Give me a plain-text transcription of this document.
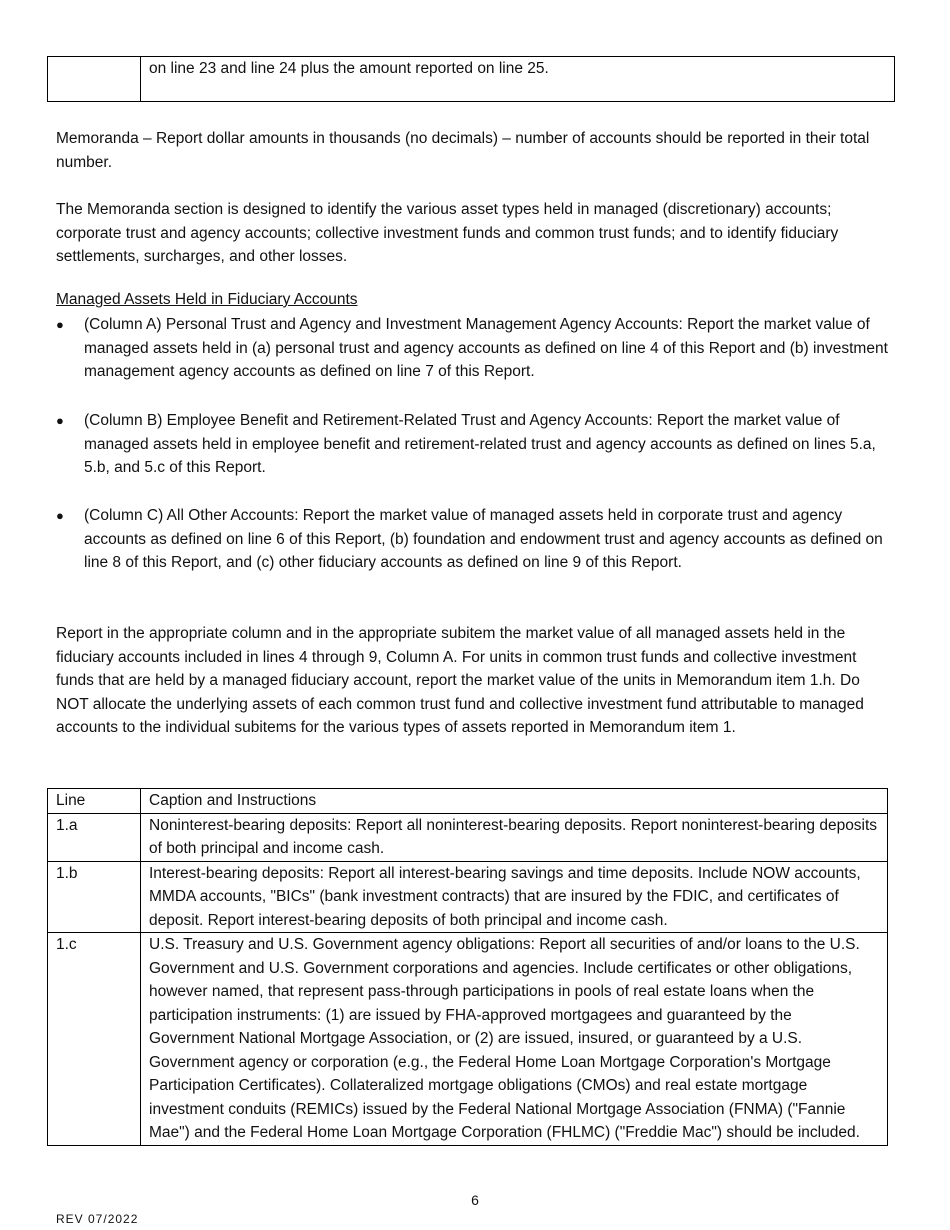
	on line 23 and line 24 plus the amount reported on line 25.

Memoranda – Report dollar amounts in thousands (no decimals) – number of accounts should be reported in their total number.

The Memoranda section is designed to identify the various asset types held in managed (discretionary) accounts; corporate trust and agency accounts; collective investment funds and common trust funds; and to identify fiduciary settlements, surcharges, and other losses.

Managed Assets Held in Fiduciary Accounts

●	(Column A) Personal Trust and Agency and Investment Management Agency Accounts: Report the market value of managed assets held in (a) personal trust and agency accounts as defined on line 4 of this Report and (b) investment management agency accounts as defined on line 7 of this Report.
●	(Column B) Employee Benefit and Retirement-Related Trust and Agency Accounts: Report the market value of managed assets held in employee benefit and retirement-related trust and agency accounts as defined on lines 5.a, 5.b, and 5.c of this Report.
●	(Column C) All Other Accounts: Report the market value of managed assets held in corporate trust and agency accounts as defined on line 6 of this Report, (b) foundation and endowment trust and agency accounts as defined on line 8 of this Report, and (c) other fiduciary accounts as defined on line 9 of this Report.

Report in the appropriate column and in the appropriate subitem the market value of all managed assets held in the fiduciary accounts included in lines 4 through 9, Column A. For units in common trust funds and collective investment funds that are held by a managed fiduciary account, report the market value of the units in Memorandum item 1.h. Do NOT allocate the underlying assets of each common trust fund and collective investment fund attributable to managed accounts to the individual subitems for the various types of assets reported in Memorandum item 1.

Line	Caption and Instructions
1.a	Noninterest-bearing deposits: Report all noninterest-bearing deposits. Report noninterest-bearing deposits of both principal and income cash.
1.b	Interest-bearing deposits: Report all interest-bearing savings and time deposits. Include NOW accounts, MMDA accounts, "BICs" (bank investment contracts) that are insured by the FDIC, and certificates of deposit. Report interest-bearing deposits of both principal and income cash.
1.c	U.S. Treasury and U.S. Government agency obligations: Report all securities of and/or loans to the U.S. Government and U.S. Government corporations and agencies. Include certificates or other obligations, however named, that represent pass-through participations in pools of real estate loans when the participation instruments: (1) are issued by FHA-approved mortgagees and guaranteed by the Government National Mortgage Association, or (2) are issued, insured, or guaranteed by a U.S. Government agency or corporation (e.g., the Federal Home Loan Mortgage Corporation's Mortgage Participation Certificates). Collateralized mortgage obligations (CMOs) and real estate mortgage investment conduits (REMICs) issued by the Federal National Mortgage Association (FNMA) ("Fannie Mae") and the Federal Home Loan Mortgage Corporation (FHLMC) ("Freddie Mac") should be included.
6
REV 07/2022
